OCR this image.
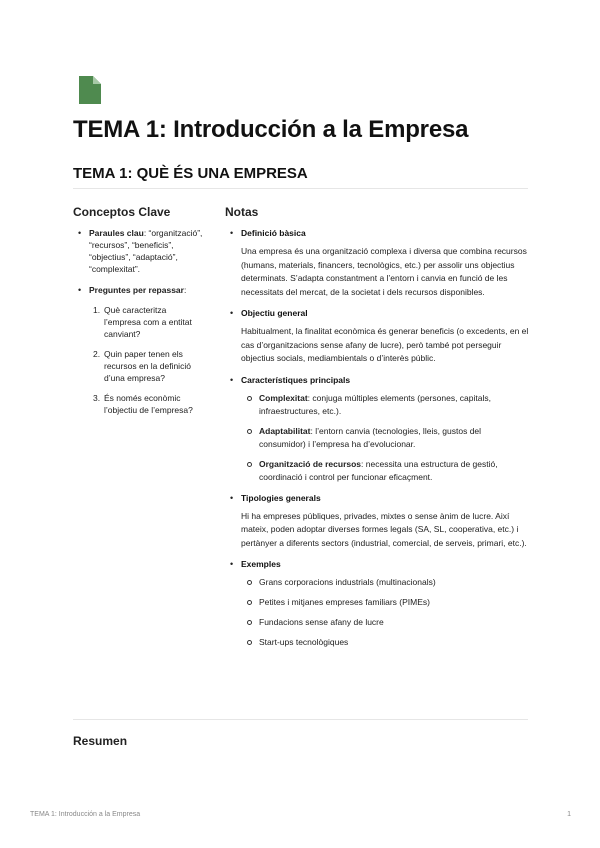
TEMA 1: Introducción a la Empresa
TEMA 1: QUÈ ÉS UNA EMPRESA
Conceptos Clave
• Paraules clau: “organització”, “recursos”, “beneficis”, “objectius”, “adaptació”, “complexitat”.
• Preguntes per repassar:
1. Què caracteritza l’empresa com a entitat canviant?
2. Quin paper tenen els recursos en la definició d’una empresa?
3. És només econòmic l’objectiu de l’empresa?
Notas
• Definició bàsica

Una empresa és una organització complexa i diversa que combina recursos (humans, materials, financers, tecnològics, etc.) per assolir uns objectius determinats. S’adapta constantment a l’entorn i canvia en funció de les necessitats del mercat, de la societat i dels recursos disponibles.

• Objectiu general

Habitualment, la finalitat econòmica és generar beneficis (o excedents, en el cas d’organitzacions sense afany de lucre), però també pot perseguir objectius socials, mediambientals o d’interès públic.

• Característiques principals
Complexitat: conjuga múltiples elements (persones, capitals, infraestructures, etc.).
Adaptabilitat: l’entorn canvia (tecnologies, lleis, gustos del consumidor) i l’empresa ha d’evolucionar.
Organització de recursos: necessita una estructura de gestió, coordinació i control per funcionar eficaçment.
• Tipologies generals

Hi ha empreses públiques, privades, mixtes o sense ànim de lucre. Així mateix, poden adoptar diverses formes legals (SA, SL, cooperativa, etc.) i pertànyer a diferents sectors (industrial, comercial, de serveis, primari, etc.).

• Exemples
Grans corporacions industrials (multinacionals)
Petites i mitjanes empreses familiars (PIMEs)
Fundacions sense afany de lucre
Start-ups tecnològiques
Resumen
TEMA 1: Introducción a la Empresa	1
